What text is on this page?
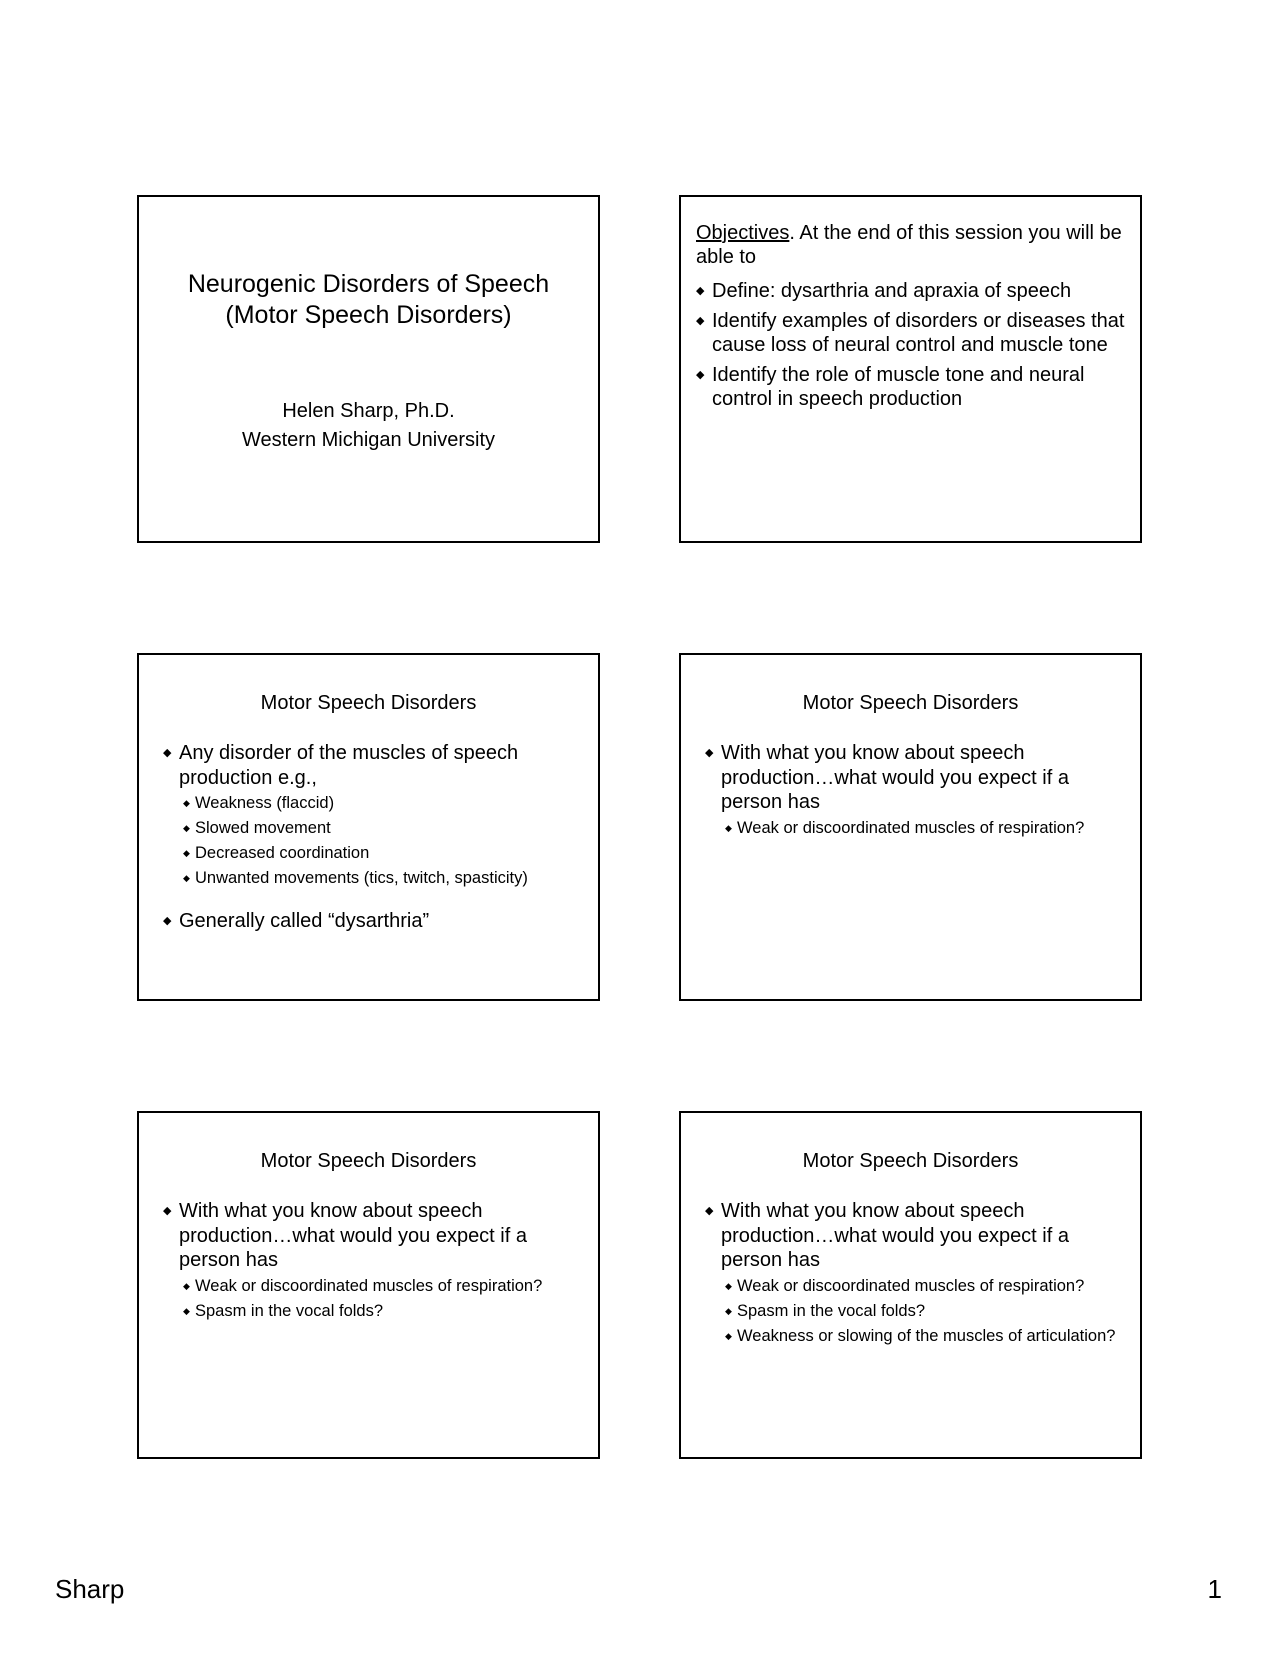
Neurogenic Disorders of Speech
(Motor Speech Disorders)
Helen Sharp, Ph.D.
Western Michigan University
Objectives. At the end of this session you will be able to
◆ Define: dysarthria and apraxia of speech
◆ Identify examples of disorders or diseases that cause loss of neural control and muscle tone
◆ Identify the role of muscle tone and neural control in speech production
Motor Speech Disorders
◆ Any disorder of the muscles of speech production e.g.,
◆ Weakness (flaccid)
◆ Slowed movement
◆ Decreased coordination
◆ Unwanted movements (tics, twitch, spasticity)
◆ Generally called “dysarthria”
Motor Speech Disorders
◆ With what you know about speech production…what would you expect if a person has
◆ Weak or discoordinated muscles of respiration?
Motor Speech Disorders
◆ With what you know about speech production…what would you expect if a person has
◆ Weak or discoordinated muscles of respiration?
◆ Spasm in the vocal folds?
Motor Speech Disorders
◆ With what you know about speech production…what would you expect if a person has
◆ Weak or discoordinated muscles of respiration?
◆ Spasm in the vocal folds?
◆ Weakness or slowing of the muscles of articulation?
Sharp	1
